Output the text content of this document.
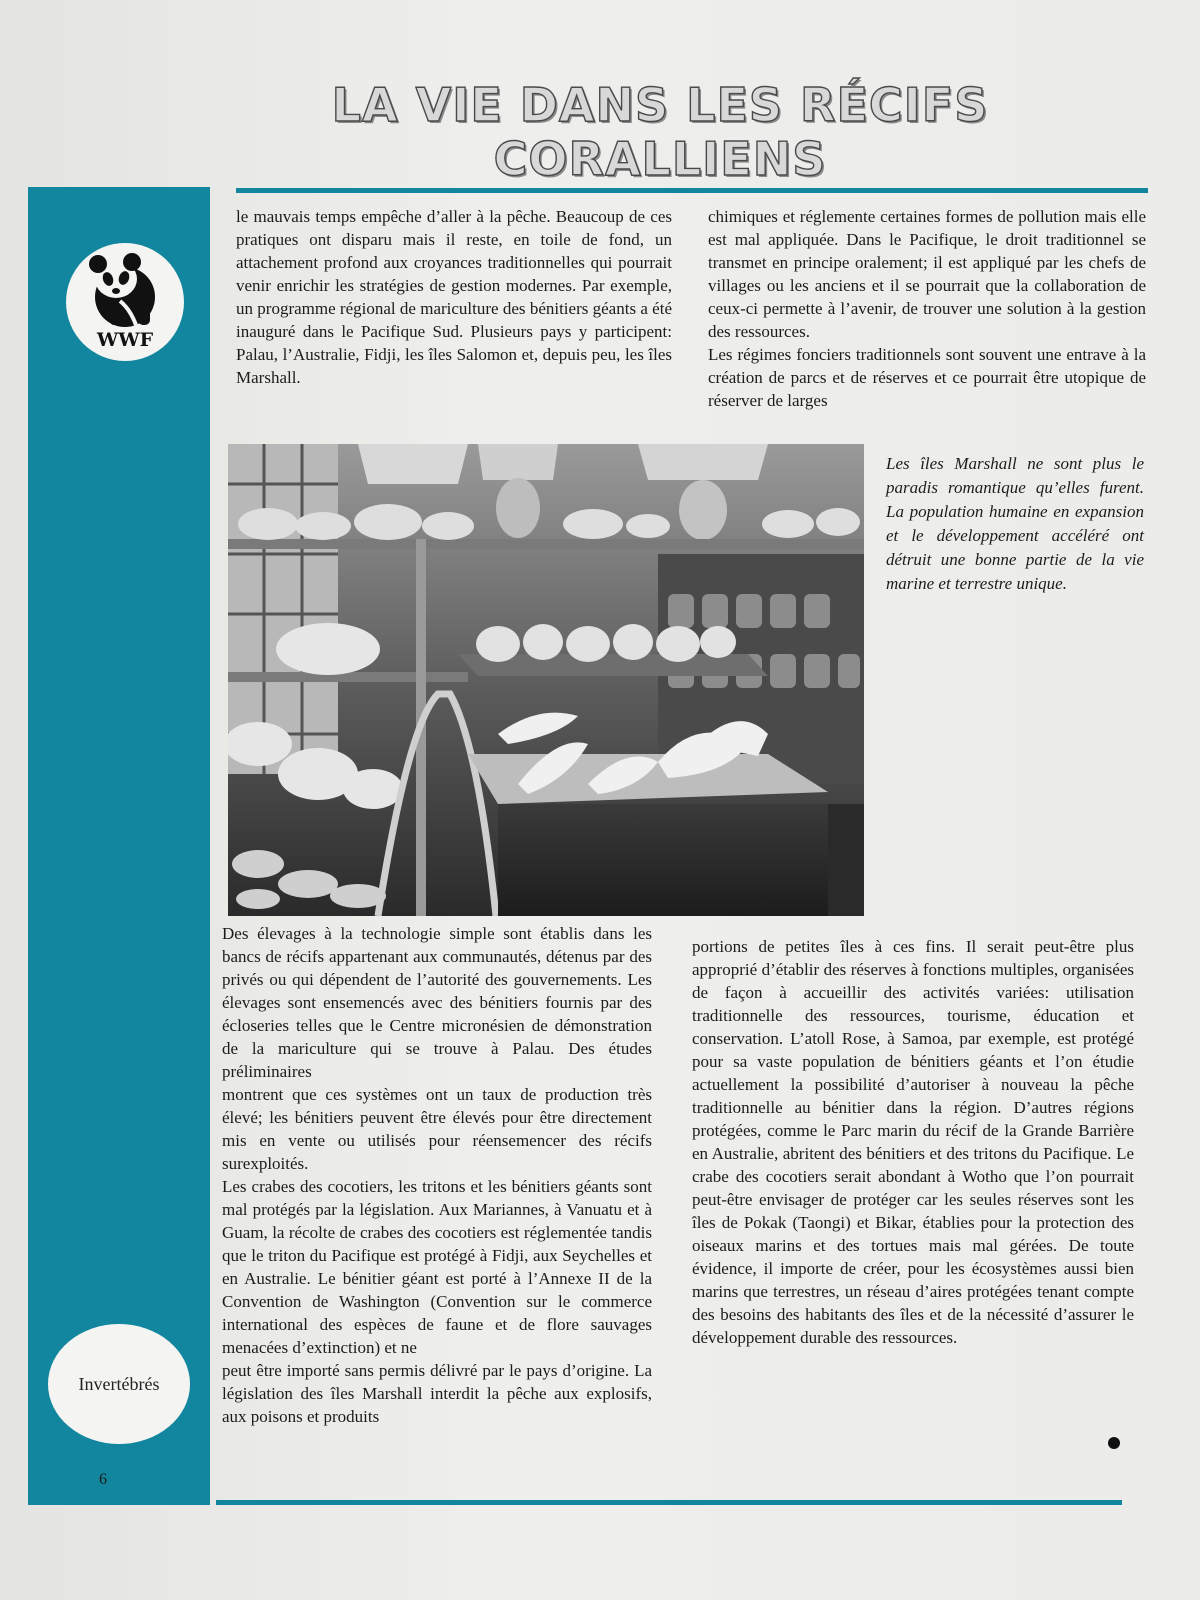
LA VIE DANS LES RÉCIFS CORALLIENS
WWF
Invertébrés
6

le mauvais temps empêche d’aller à la pêche. Beaucoup de ces pratiques ont disparu mais il reste, en toile de fond, un attachement profond aux croyances traditionnelles qui pourrait venir enrichir les stratégies de gestion modernes. Par exemple, un programme régional de mariculture des bénitiers géants a été inauguré dans le Pacifique Sud. Plusieurs pays y participent: Palau, l’Australie, Fidji, les îles Salomon et, depuis peu, les îles Marshall.

chimiques et réglemente certaines formes de pollution mais elle est mal appliquée. Dans le Pacifique, le droit traditionnel se transmet en principe oralement; il est appliqué par les chefs de villages ou les anciens et il se pourrait que la collaboration de ceux-ci permette à l’avenir, de trouver une solution à la gestion des ressources.

Les régimes fonciers traditionnels sont souvent une entrave à la création de parcs et de réserves et ce pourrait être utopique de réserver de larges

Les îles Marshall ne sont plus le paradis romantique qu’elles furent. La population humaine en expansion et le développement accéléré ont détruit une bonne partie de la vie marine et terrestre unique.

Des élevages à la technologie simple sont établis dans les bancs de récifs appartenant aux communautés, détenus par des privés ou qui dépendent de l’autorité des gouvernements. Les élevages sont ensemencés avec des bénitiers fournis par des écloseries telles que le Centre micronésien de démonstration de la mariculture qui se trouve à Palau. Des études préliminaires

montrent que ces systèmes ont un taux de production très élevé; les bénitiers peuvent être élevés pour être directement mis en vente ou utilisés pour réensemencer des récifs surexploités.

Les crabes des cocotiers, les tritons et les bénitiers géants sont mal protégés par la législation. Aux Mariannes, à Vanuatu et à Guam, la récolte de crabes des cocotiers est réglementée tandis que le triton du Pacifique est protégé à Fidji, aux Seychelles et en Australie. Le bénitier géant est porté à l’Annexe II de la Convention de Washington (Convention sur le commerce international des espèces de faune et de flore sauvages menacées d’extinction) et ne

peut être importé sans permis délivré par le pays d’origine. La législation des îles Marshall interdit la pêche aux explosifs, aux poisons et produits

portions de petites îles à ces fins. Il serait peut-être plus approprié d’établir des réserves à fonctions multiples, organisées de façon à accueillir des activités variées: utilisation traditionnelle des ressources, tourisme, éducation et conservation. L’atoll Rose, à Samoa, par exemple, est protégé pour sa vaste population de bénitiers géants et l’on étudie actuellement la possibilité d’autoriser à nouveau la pêche traditionnelle au bénitier dans la région. D’autres régions protégées, comme le Parc marin du récif de la Grande Barrière en Australie, abritent des bénitiers et des tritons du Pacifique. Le crabe des cocotiers serait abondant à Wotho que l’on pourrait peut-être envisager de protéger car les seules réserves sont les îles de Pokak (Taongi) et Bikar, établies pour la protection des oiseaux marins et des tortues mais mal gérées. De toute évidence, il importe de créer, pour les écosystèmes aussi bien marins que terrestres, un réseau d’aires protégées tenant compte des besoins des habitants des îles et de la nécessité d’assurer le développement durable des ressources.
